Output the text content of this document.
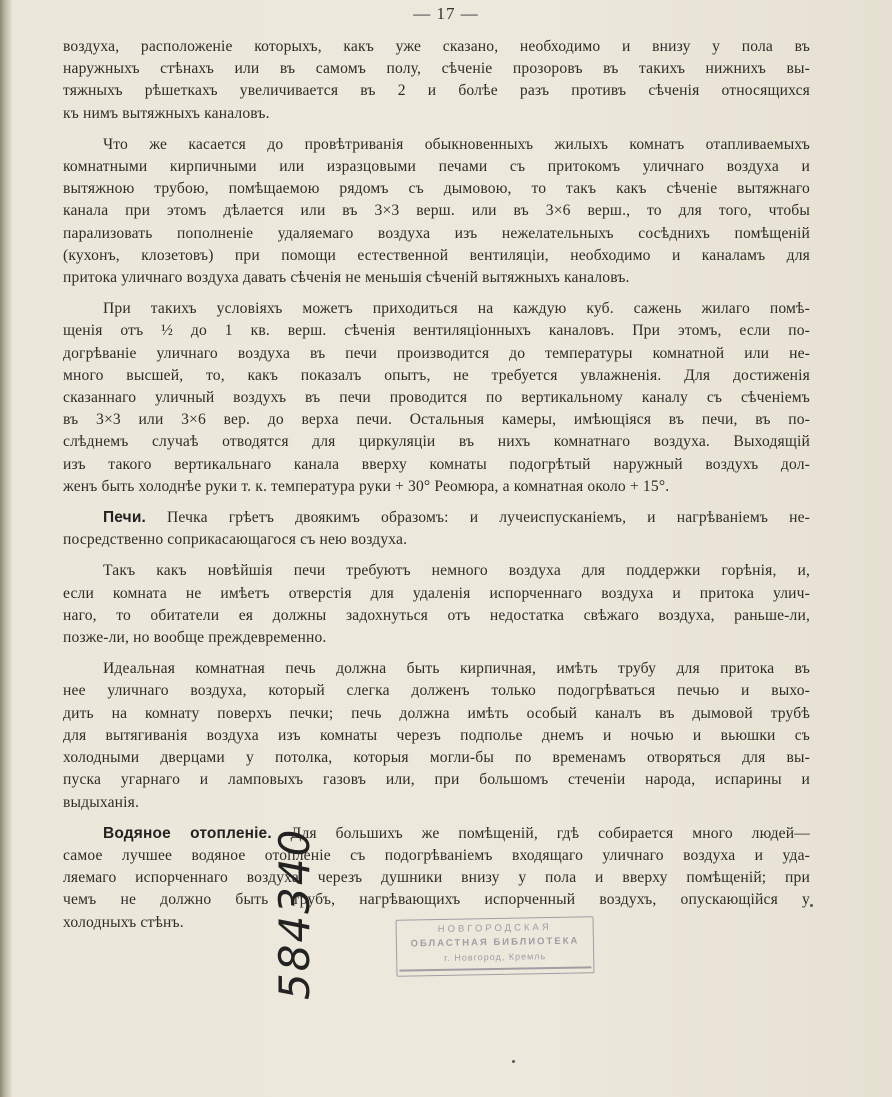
— 17 —
воздуха, расположеніе которыхъ, какъ уже сказано, необходимо и внизу у пола въ
наружныхъ стѣнахъ или въ самомъ полу, сѣченіе прозоровъ въ такихъ нижнихъ вы-
тяжныхъ рѣшеткахъ увеличивается въ 2 и болѣе разъ противъ сѣченія относящихся
къ нимъ вытяжныхъ каналовъ.
Что же касается до провѣтриванія обыкновенныхъ жилыхъ комнатъ отапливаемыхъ
комнатными кирпичными или изразцовыми печами съ притокомъ уличнаго воздуха и
вытяжною трубою, помѣщаемою рядомъ съ дымовою, то такъ какъ сѣченіе вытяжнаго
канала при этомъ дѣлается или въ 3×3 верш. или въ 3×6 верш., то для того, чтобы
парализовать пополненіе удаляемаго воздуха изъ нежелательныхъ сосѣднихъ помѣщеній
(кухонъ, клозетовъ) при помощи естественной вентиляціи, необходимо и каналамъ для
притока уличнаго воздуха давать сѣченія не меньшія сѣченій вытяжныхъ каналовъ.
При такихъ условіяхъ можетъ приходиться на каждую куб. сажень жилаго помѣ-
щенія отъ ½ до 1 кв. верш. сѣченія вентиляціонныхъ каналовъ. При этомъ, если по-
догрѣваніе уличнаго воздуха въ печи производится до температуры комнатной или не-
много высшей, то, какъ показалъ опытъ, не требуется увлажненія. Для достиженія
сказаннаго уличный воздухъ въ печи проводится по вертикальному каналу съ сѣченіемъ
въ 3×3 или 3×6 вер. до верха печи. Остальныя камеры, имѣющіяся въ печи, въ по-
слѣднемъ случаѣ отводятся для циркуляціи въ нихъ комнатнаго воздуха. Выходящій
изъ такого вертикальнаго канала вверху комнаты подогрѣтый наружный воздухъ дол-
женъ быть холоднѣе руки т. к. температура руки + 30° Реомюра, а комнатная около + 15°.
Печи. Печка грѣетъ двоякимъ образомъ: и лучеиспусканіемъ, и нагрѣваніемъ не-
посредственно соприкасающагося съ нею воздуха.
Такъ какъ новѣйшія печи требуютъ немного воздуха для поддержки горѣнія, и,
если комната не имѣетъ отверстія для удаленія испорченнаго воздуха и притока улич-
наго, то обитатели ея должны задохнуться отъ недостатка свѣжаго воздуха, раньше-ли,
позже-ли, но вообще преждевременно.
Идеальная комнатная печь должна быть кирпичная, имѣть трубу для притока въ
нее уличнаго воздуха, который слегка долженъ только подогрѣваться печью и выхо-
дить на комнату поверхъ печки; печь должна имѣть особый каналъ въ дымовой трубѣ
для вытягиванія воздуха изъ комнаты черезъ подполье днемъ и ночью и вьюшки съ
холодными дверцами у потолка, которыя могли-бы по временамъ отворяться для вы-
пуска угарнаго и ламповыхъ газовъ или, при большомъ стеченіи народа, испарины и
выдыханія.
Водяное отопленіе. Для большихъ же помѣщеній, гдѣ собирается много людей—
самое лучшее водяное отопленіе съ подогрѣваніемъ входящаго уличнаго воздуха и уда-
ляемаго испорченнаго воздуха черезъ душники внизу у пола и вверху помѣщеній; при
чемъ не должно быть трубъ, нагрѣвающихъ испорченный воздухъ, опускающійся у
холодныхъ стѣнъ.	НОВГОРОДСКАЯ
ОБЛАСТНАЯ БИБЛИОТЕКА
г. Новгород, Кремль
584340
